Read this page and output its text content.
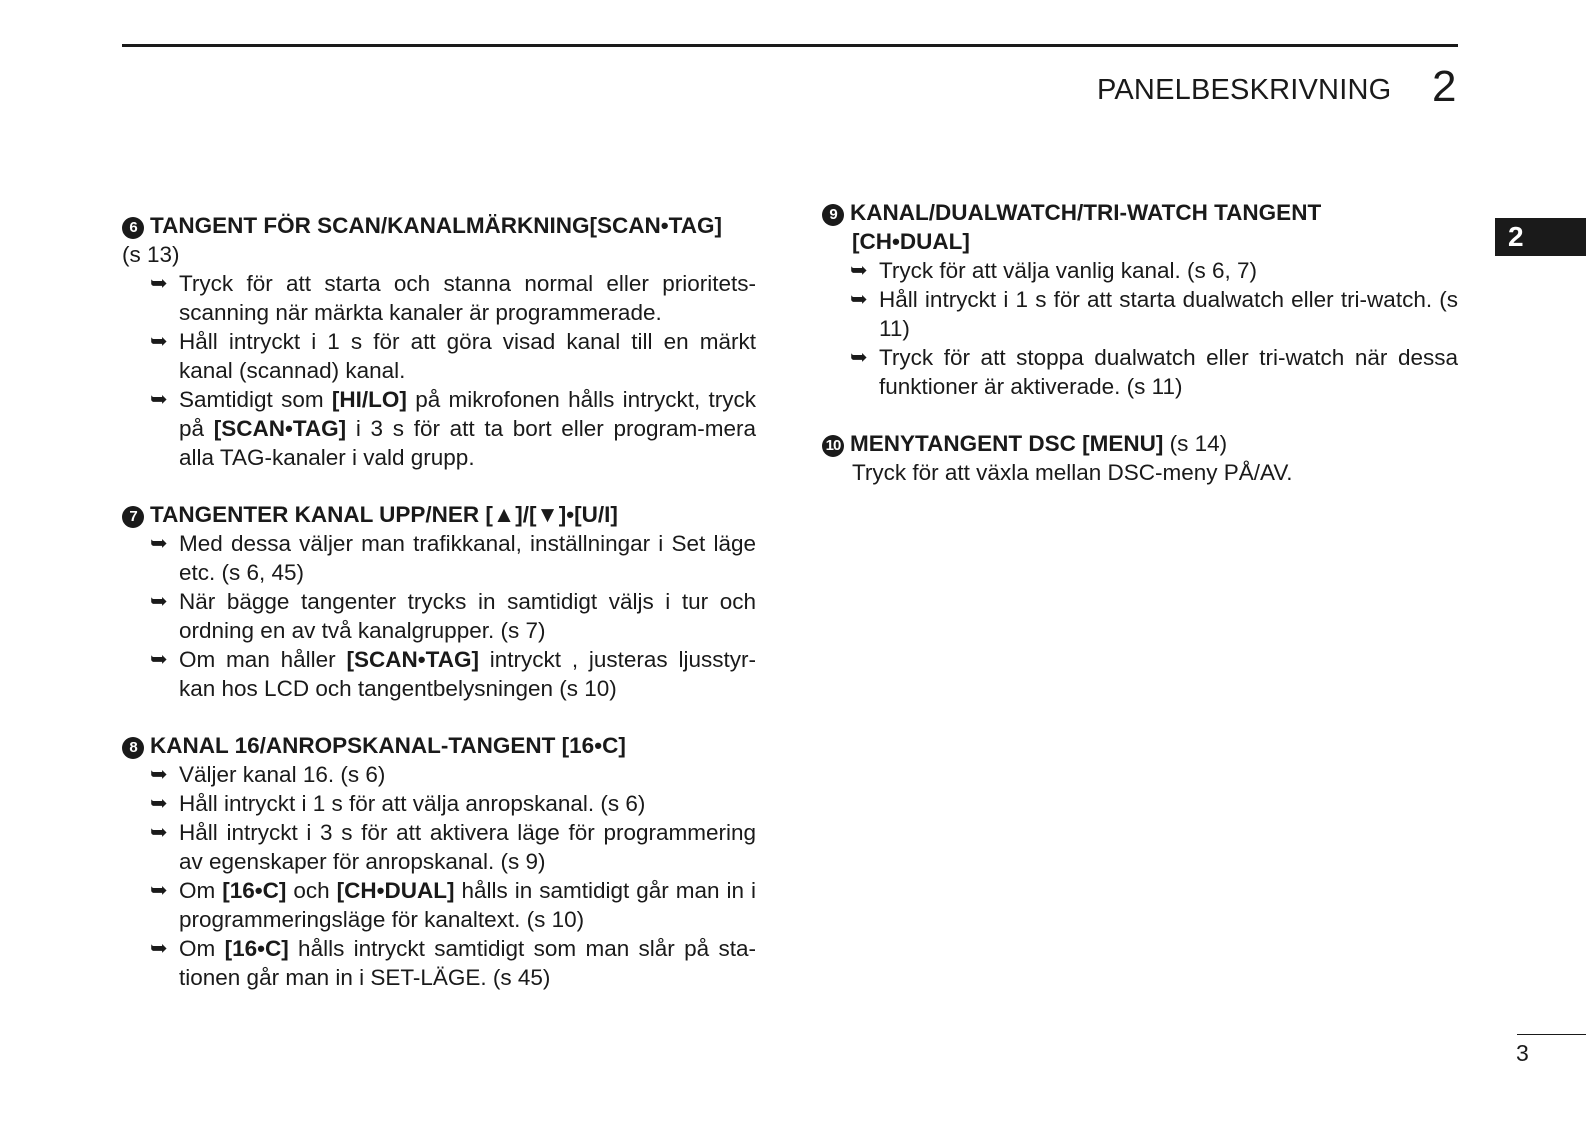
PANELBESKRIVNING 2
2

6 TANGENT FÖR SCAN/KANALMÄRKNING[SCAN•TAG]

(s 13)

➥ Tryck för att starta och stanna normal eller prioritets-scanning när märkta kanaler är programmerade.
➥ Håll intryckt i 1 s för att göra visad kanal till en märkt kanal (scannad) kanal.
➥ Samtidigt som [HI/LO] på mikrofonen hålls intryckt, tryck på [SCAN•TAG] i 3 s för att ta bort eller program-mera alla TAG-kanaler i vald grupp.

7 TANGENTER KANAL UPP/NER [▲]/[▼]•[U/I]

➥ Med dessa väljer man trafikkanal, inställningar i Set läge etc. (s 6, 45)
➥ När bägge tangenter trycks in samtidigt väljs i tur och ordning en av två kanalgrupper. (s 7)
➥ Om man håller [SCAN•TAG] intryckt , justeras ljusstyr-kan hos LCD och tangentbelysningen (s 10)

8 KANAL 16/ANROPSKANAL-TANGENT [16•C]

➥ Väljer kanal 16. (s 6)
➥ Håll intryckt i 1 s för att välja anropskanal. (s 6)
➥ Håll intryckt i 3 s för att aktivera läge för programmering av egenskaper för anropskanal. (s 9)
➥ Om [16•C] och [CH•DUAL] hålls in samtidigt går man in i programmeringsläge för kanaltext. (s 10)
➥ Om [16•C] hålls intryckt samtidigt som man slår på sta-tionen går man in i SET-LÄGE. (s 45)

9 KANAL/DUALWATCH/TRI-WATCH TANGENT

[CH•DUAL]

➥ Tryck för att välja vanlig kanal. (s 6, 7)
➥ Håll intryckt i 1 s för att starta dualwatch eller tri-watch. (s 11)
➥ Tryck för att stoppa dualwatch eller tri-watch när dessa funktioner är aktiverade. (s 11)

10 MENYTANGENT DSC [MENU] (s 14)

Tryck för att växla mellan DSC-meny PÅ/AV.

3
